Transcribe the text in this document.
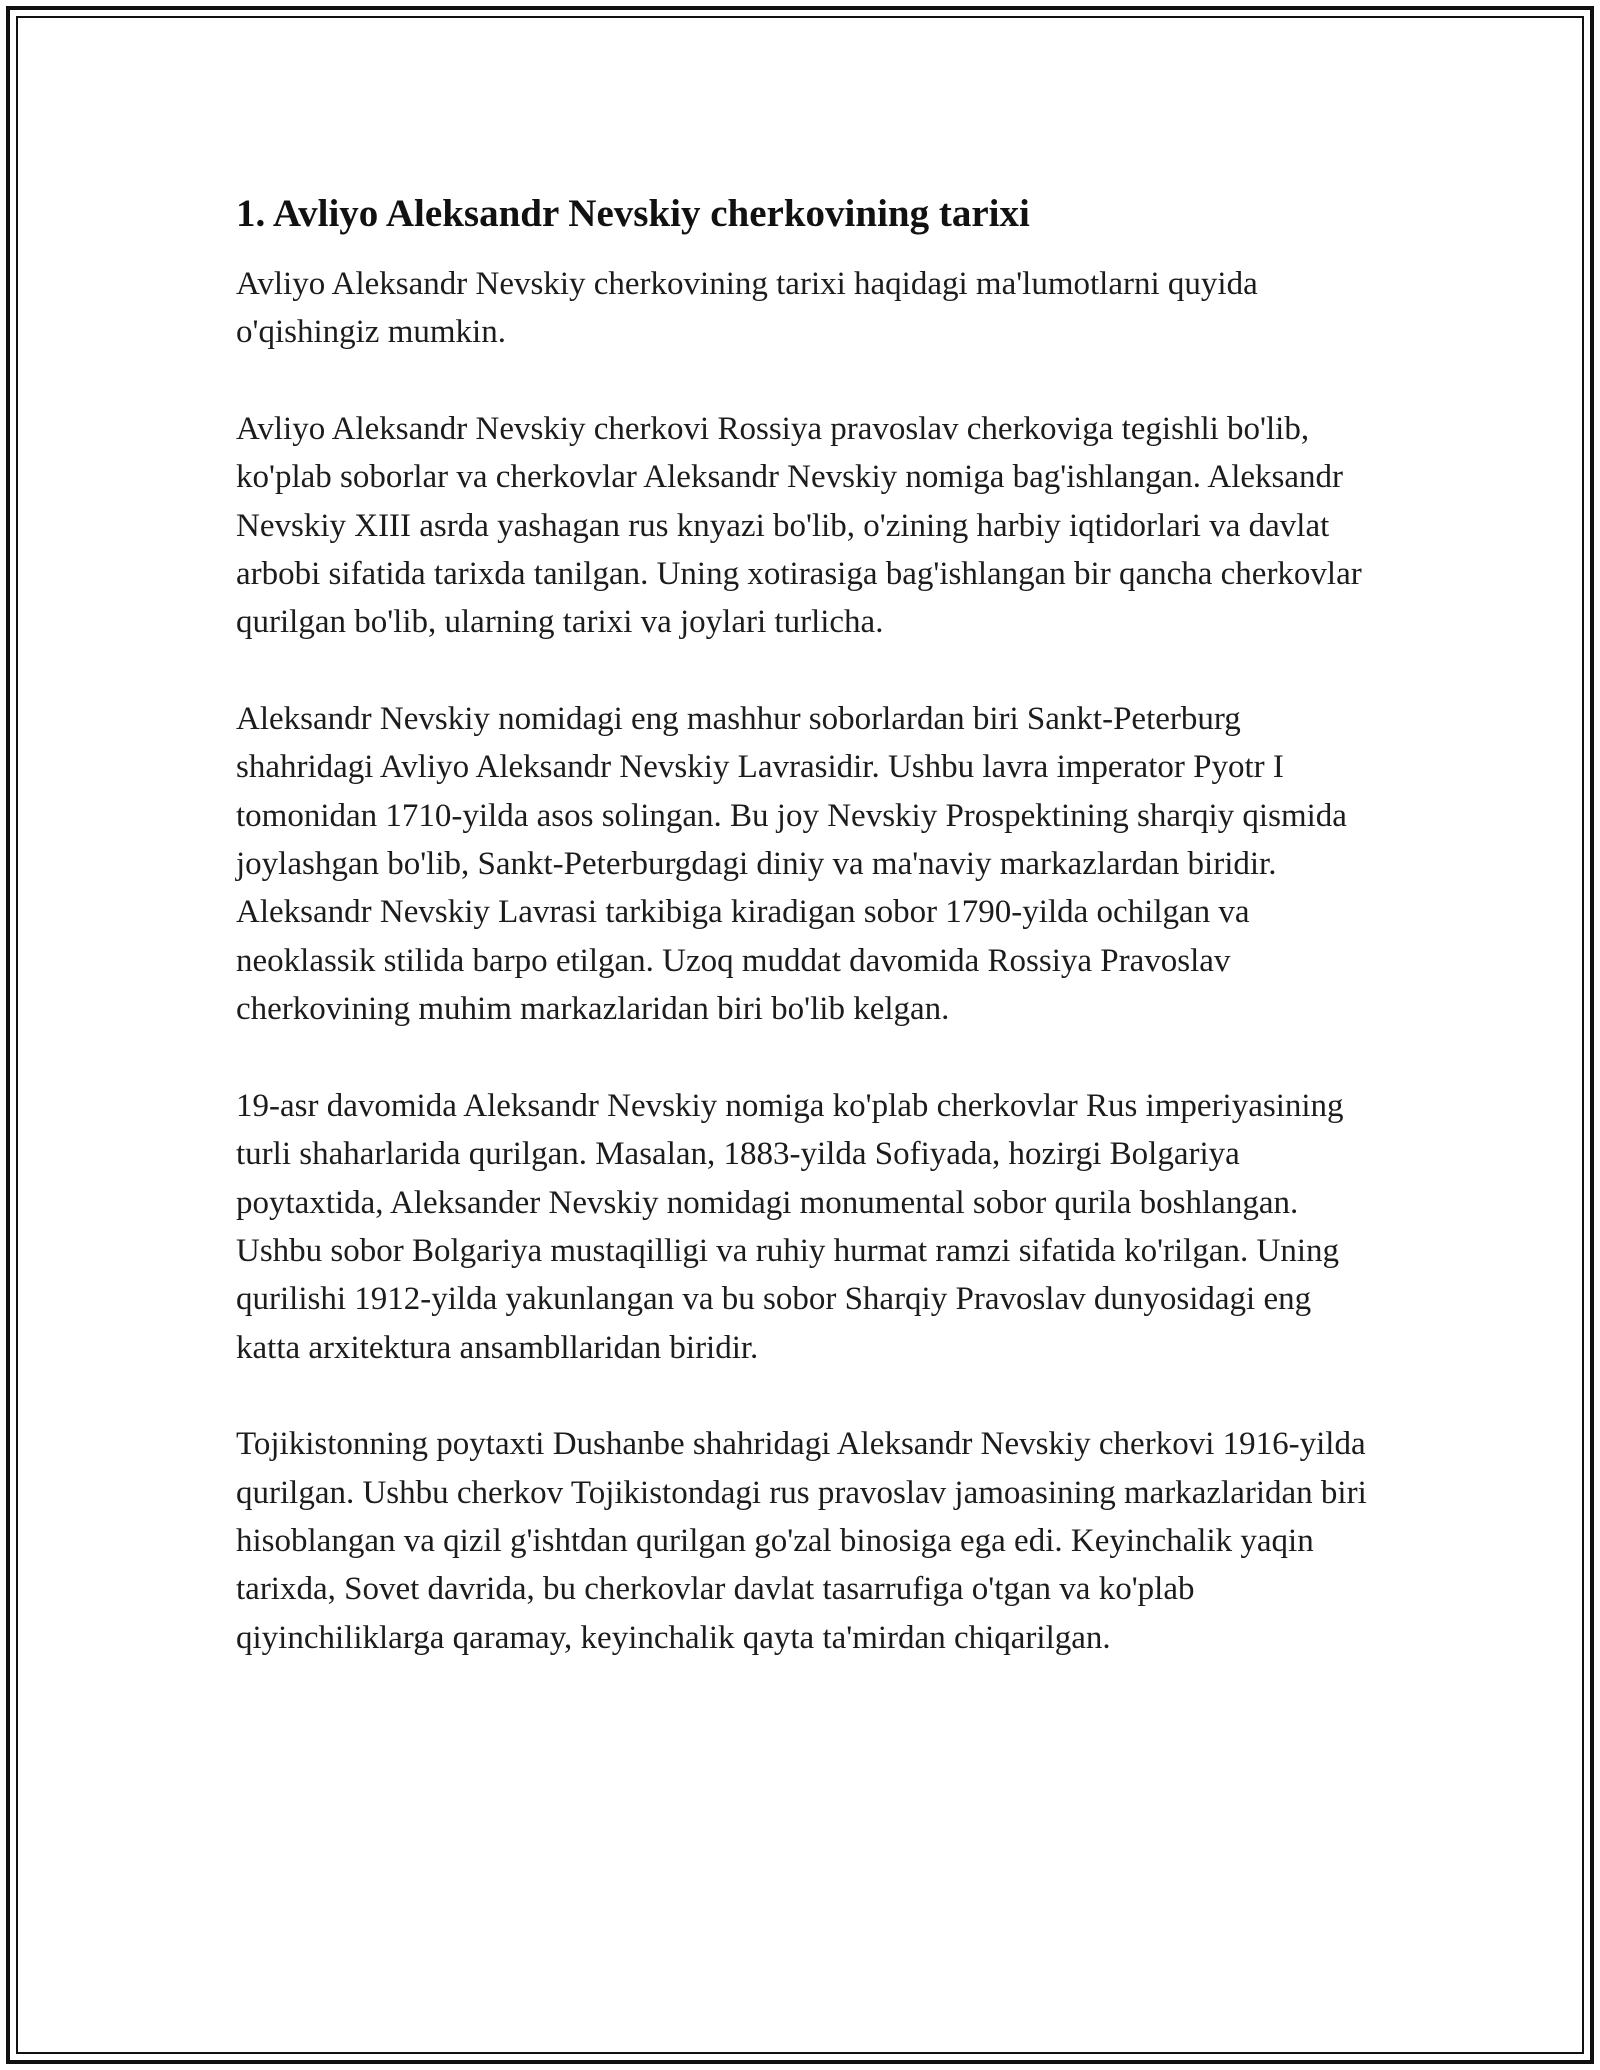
1. Avliyo Aleksandr Nevskiy cherkovining tarixi

Avliyo Aleksandr Nevskiy cherkovining tarixi haqidagi ma'lumotlarni quyida o'qishingiz mumkin.

Avliyo Aleksandr Nevskiy cherkovi Rossiya pravoslav cherkoviga tegishli bo'lib, ko'plab soborlar va cherkovlar Aleksandr Nevskiy nomiga bag'ishlangan. Aleksandr Nevskiy XIII asrda yashagan rus knyazi bo'lib, o'zining harbiy iqtidorlari va davlat arbobi sifatida tarixda tanilgan. Uning xotirasiga bag'ishlangan bir qancha cherkovlar qurilgan bo'lib, ularning tarixi va joylari turlicha.

Aleksandr Nevskiy nomidagi eng mashhur soborlardan biri Sankt-Peterburg shahridagi Avliyo Aleksandr Nevskiy Lavrasidir. Ushbu lavra imperator Pyotr I tomonidan 1710-yilda asos solingan. Bu joy Nevskiy Prospektining sharqiy qismida joylashgan bo'lib, Sankt-Peterburgdagi diniy va ma'naviy markazlardan biridir. Aleksandr Nevskiy Lavrasi tarkibiga kiradigan sobor 1790-yilda ochilgan va neoklassik stilida barpo etilgan. Uzoq muddat davomida Rossiya Pravoslav cherkovining muhim markazlaridan biri bo'lib kelgan.

19-asr davomida Aleksandr Nevskiy nomiga ko'plab cherkovlar Rus imperiyasining turli shaharlarida qurilgan. Masalan, 1883-yilda Sofiyada, hozirgi Bolgariya poytaxtida, Aleksander Nevskiy nomidagi monumental sobor qurila boshlangan. Ushbu sobor Bolgariya mustaqilligi va ruhiy hurmat ramzi sifatida ko'rilgan. Uning qurilishi 1912-yilda yakunlangan va bu sobor Sharqiy Pravoslav dunyosidagi eng katta arxitektura ansambllaridan biridir.

Tojikistonning poytaxti Dushanbe shahridagi Aleksandr Nevskiy cherkovi 1916-yilda qurilgan. Ushbu cherkov Tojikistondagi rus pravoslav jamoasining markazlaridan biri hisoblangan va qizil g'ishtdan qurilgan go'zal binosiga ega edi. Keyinchalik yaqin tarixda, Sovet davrida, bu cherkovlar davlat tasarrufiga o'tgan va ko'plab qiyinchiliklarga qaramay, keyinchalik qayta ta'mirdan chiqarilgan.
